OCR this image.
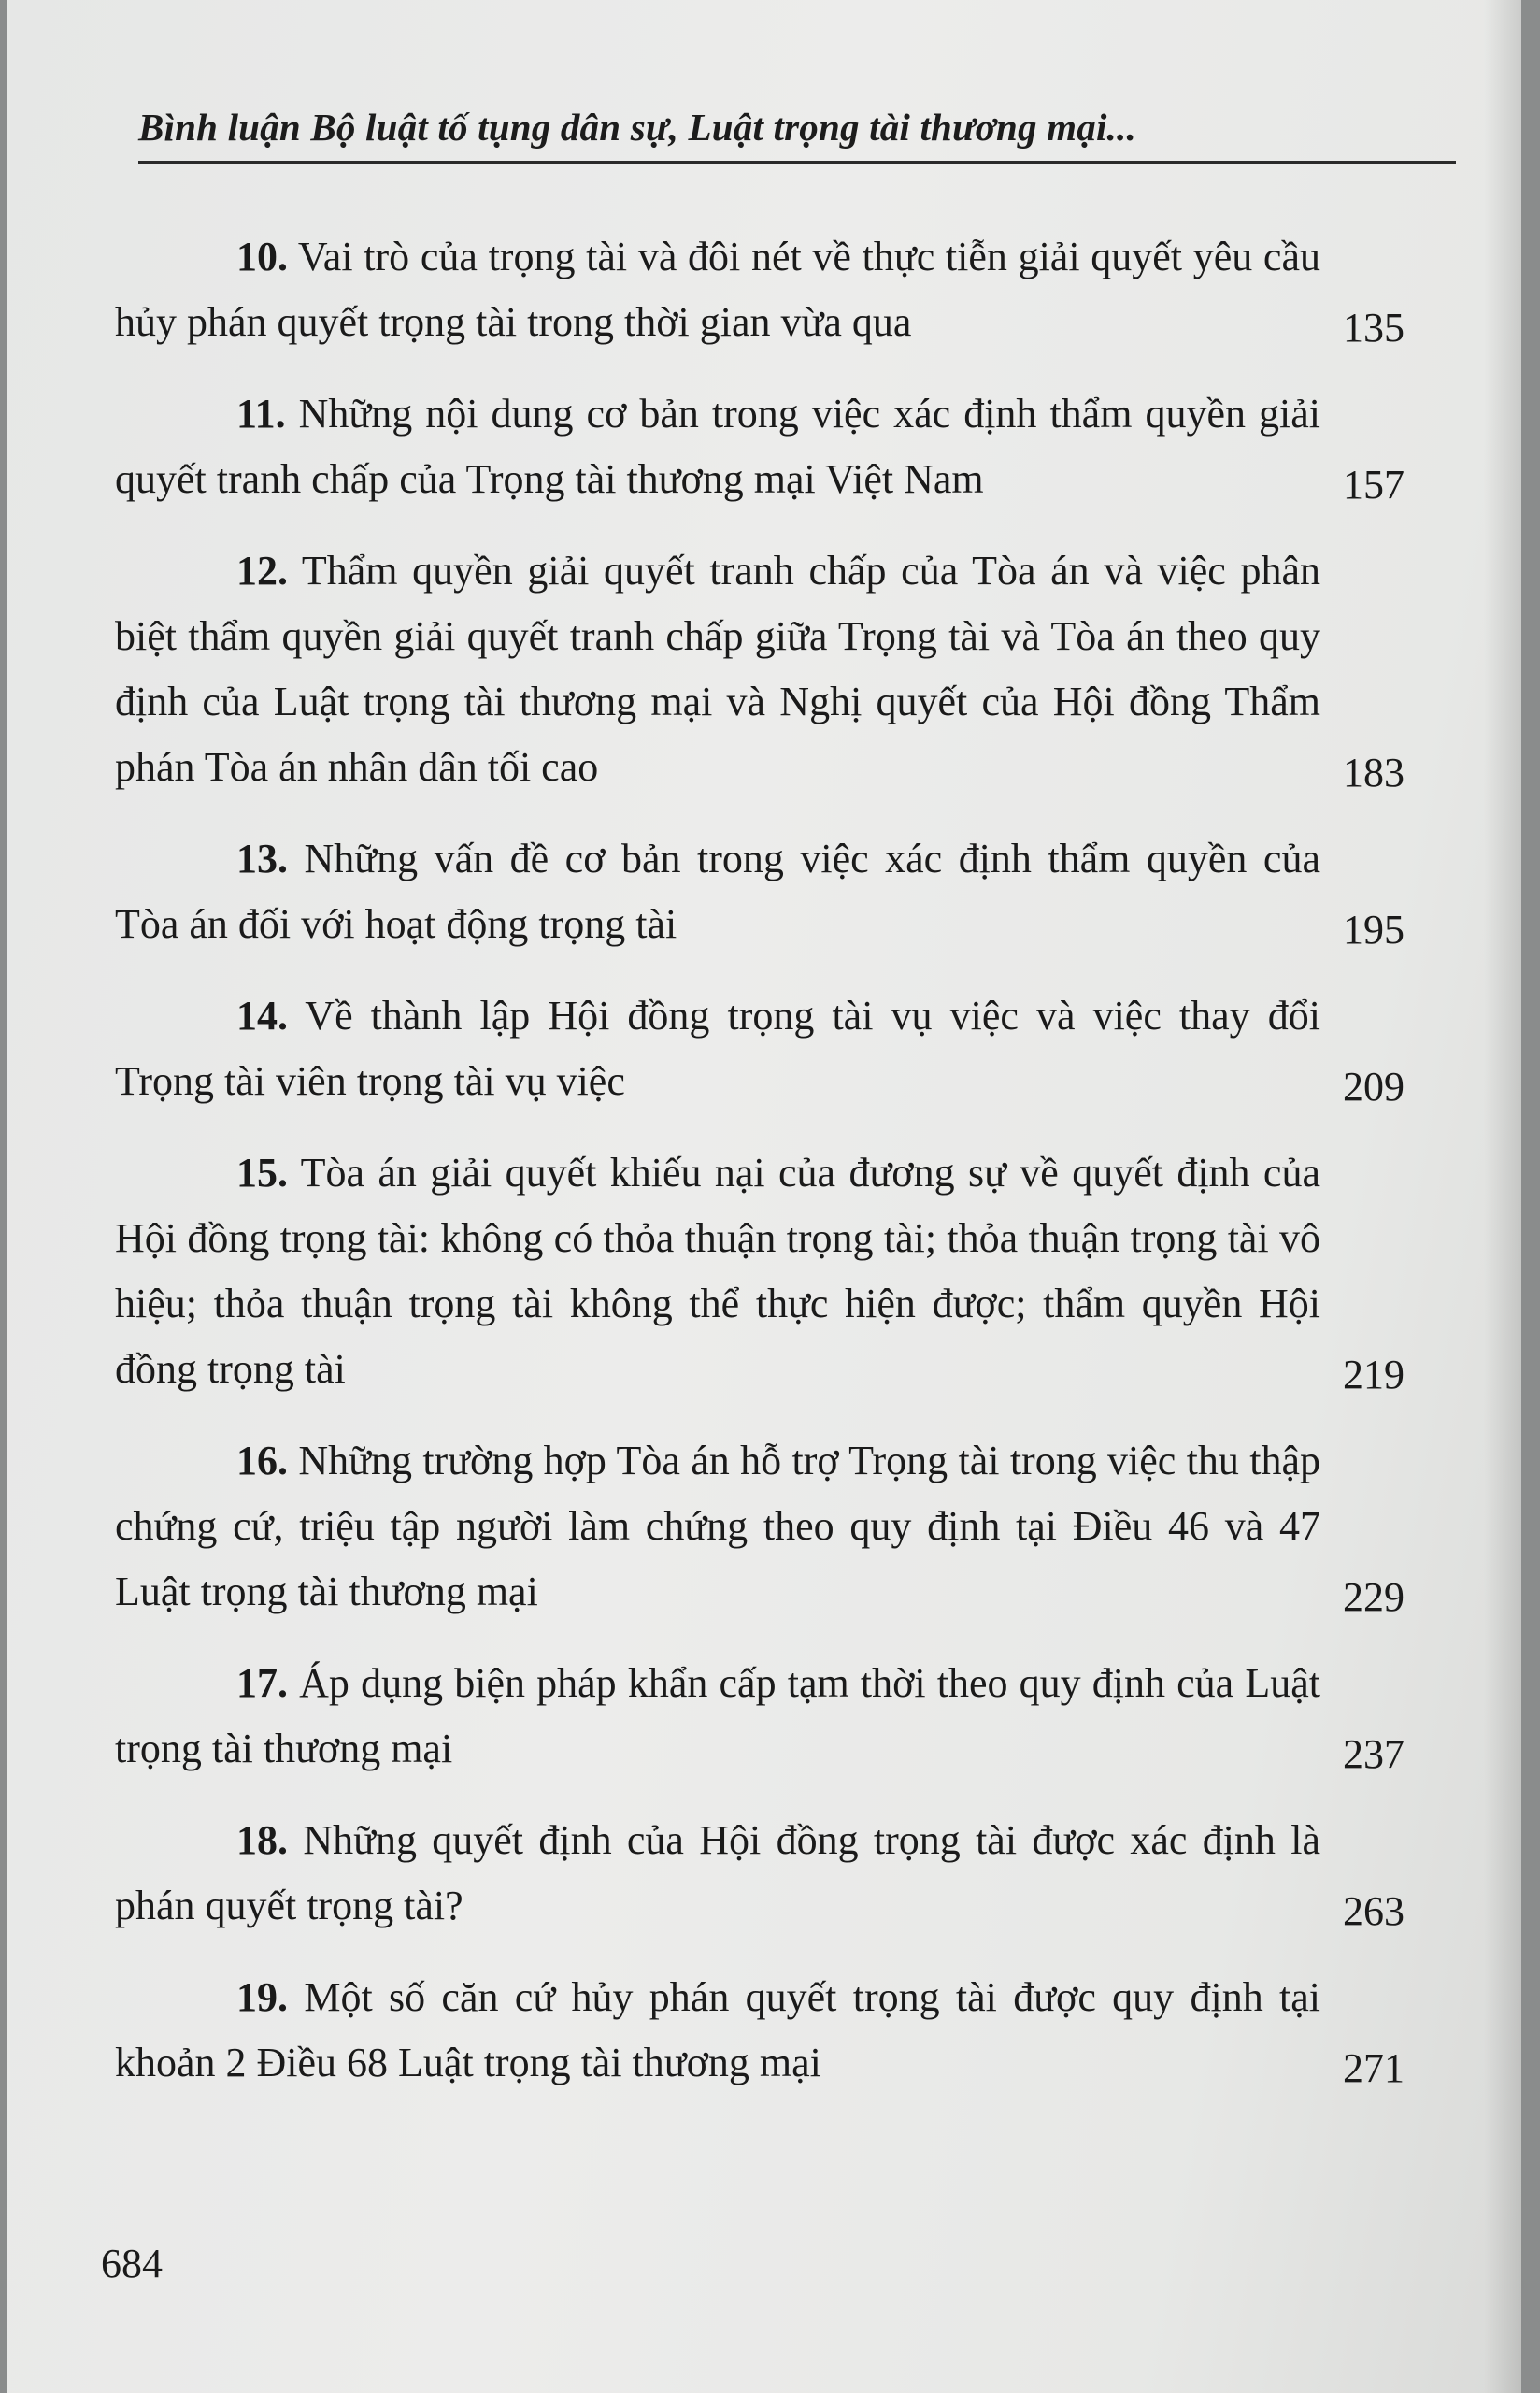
Bình luận Bộ luật tố tụng dân sự, Luật trọng tài thương mại...
10. Vai trò của trọng tài và đôi nét về thực tiễn giải quyết yêu cầu hủy phán quyết trọng tài trong thời gian vừa qua	135
11. Những nội dung cơ bản trong việc xác định thẩm quyền giải quyết tranh chấp của Trọng tài thương mại Việt Nam	157
12. Thẩm quyền giải quyết tranh chấp của Tòa án và việc phân biệt thẩm quyền giải quyết tranh chấp giữa Trọng tài và Tòa án theo quy định của Luật trọng tài thương mại và Nghị quyết của Hội đồng Thẩm phán Tòa án nhân dân tối cao	183
13. Những vấn đề cơ bản trong việc xác định thẩm quyền của Tòa án đối với hoạt động trọng tài	195
14. Về thành lập Hội đồng trọng tài vụ việc và việc thay đổi Trọng tài viên trọng tài vụ việc	209
15. Tòa án giải quyết khiếu nại của đương sự về quyết định của Hội đồng trọng tài: không có thỏa thuận trọng tài; thỏa thuận trọng tài vô hiệu; thỏa thuận trọng tài không thể thực hiện được; thẩm quyền Hội đồng trọng tài	219
16. Những trường hợp Tòa án hỗ trợ Trọng tài trong việc thu thập chứng cứ, triệu tập người làm chứng theo quy định tại Điều 46 và 47 Luật trọng tài thương mại	229
17. Áp dụng biện pháp khẩn cấp tạm thời theo quy định của Luật trọng tài thương mại	237
18. Những quyết định của Hội đồng trọng tài được xác định là phán quyết trọng tài?	263
19. Một số căn cứ hủy phán quyết trọng tài được quy định tại khoản 2 Điều 68 Luật trọng tài thương mại	271
684
